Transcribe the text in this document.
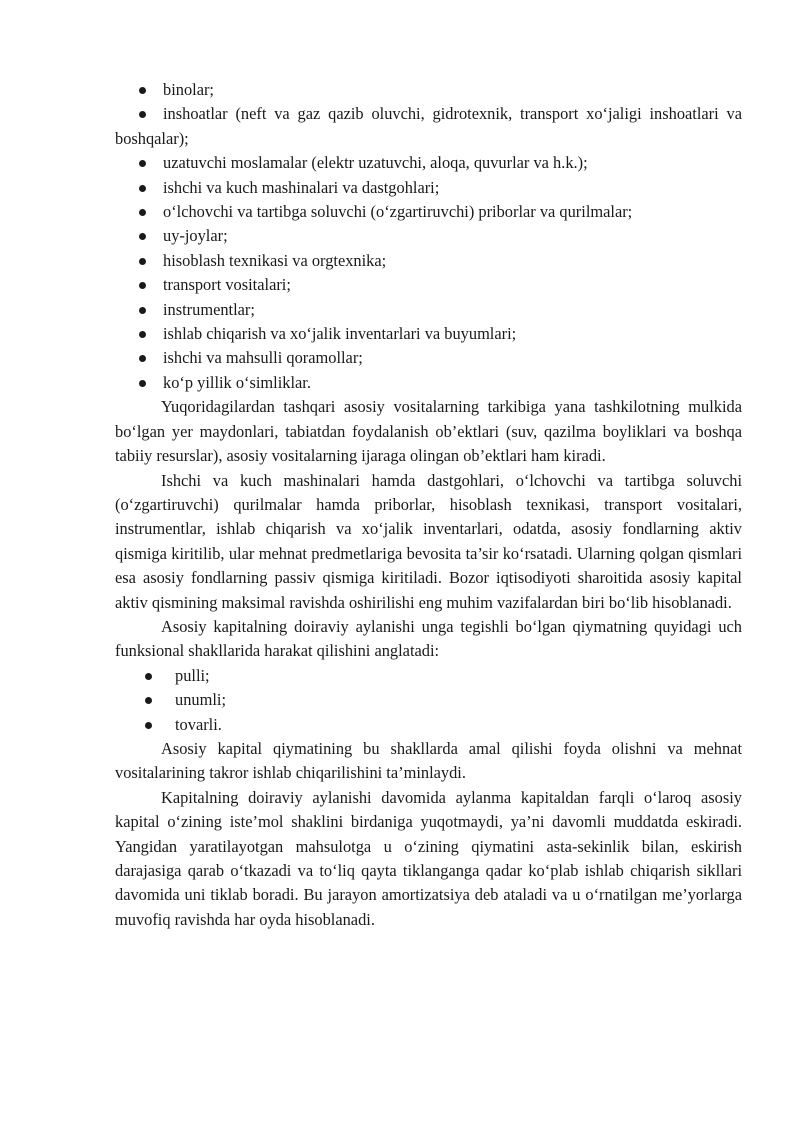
binolar;
inshoatlar (neft va gaz qazib oluvchi, gidrotexnik, transport xo‘jaligi inshoatlari va boshqalar);
uzatuvchi moslamalar (elektr uzatuvchi, aloqa, quvurlar va h.k.);
ishchi va kuch mashinalari va dastgohlari;
o‘lchovchi va tartibga soluvchi (o‘zgartiruvchi) priborlar va qurilmalar;
uy-joylar;
hisoblash texnikasi va orgtexnika;
transport vositalari;
instrumentlar;
ishlab chiqarish va xo‘jalik inventarlari va buyumlari;
ishchi va mahsulli qoramollar;
ko‘p yillik o‘simliklar.

Yuqoridagilardan tashqari asosiy vositalarning tarkibiga yana tashkilotning mulkida bo‘lgan yer maydonlari, tabiatdan foydalanish ob’ektlari (suv, qazilma boyliklari va boshqa tabiiy resurslar), asosiy vositalarning ijaraga olingan ob’ektlari ham kiradi.

Ishchi va kuch mashinalari hamda dastgohlari, o‘lchovchi va tartibga soluvchi (o‘zgartiruvchi) qurilmalar hamda priborlar, hisoblash texnikasi, transport vositalari, instrumentlar, ishlab chiqarish va xo‘jalik inventarlari, odatda, asosiy fondlarning aktiv qismiga kiritilib, ular mehnat predmetlariga bevosita ta’sir ko‘rsatadi. Ularning qolgan qismlari esa asosiy fondlarning passiv qismiga kiritiladi. Bozor iqtisodiyoti sharoitida asosiy kapital aktiv qismining maksimal ravishda oshirilishi eng muhim vazifalardan biri bo‘lib hisoblanadi.

Asosiy kapitalning doiraviy aylanishi unga tegishli bo‘lgan qiymatning quyidagi uch funksional shakllarida harakat qilishini anglatadi:

pulli;
unumli;
tovarli.

Asosiy kapital qiymatining bu shakllarda amal qilishi foyda olishni va mehnat vositalarining takror ishlab chiqarilishini ta’minlaydi.

Kapitalning doiraviy aylanishi davomida aylanma kapitaldan farqli o‘laroq asosiy kapital o‘zining iste’mol shaklini birdaniga yuqotmaydi, ya’ni davomli muddatda eskiradi. Yangidan yaratilayotgan mahsulotga u o‘zining qiymatini asta-sekinlik bilan, eskirish darajasiga qarab o‘tkazadi va to‘liq qayta tiklanganga qadar ko‘plab ishlab chiqarish sikllari davomida uni tiklab boradi. Bu jarayon amortizatsiya deb ataladi va u o‘rnatilgan me’yorlarga muvofiq ravishda har oyda hisoblanadi.
